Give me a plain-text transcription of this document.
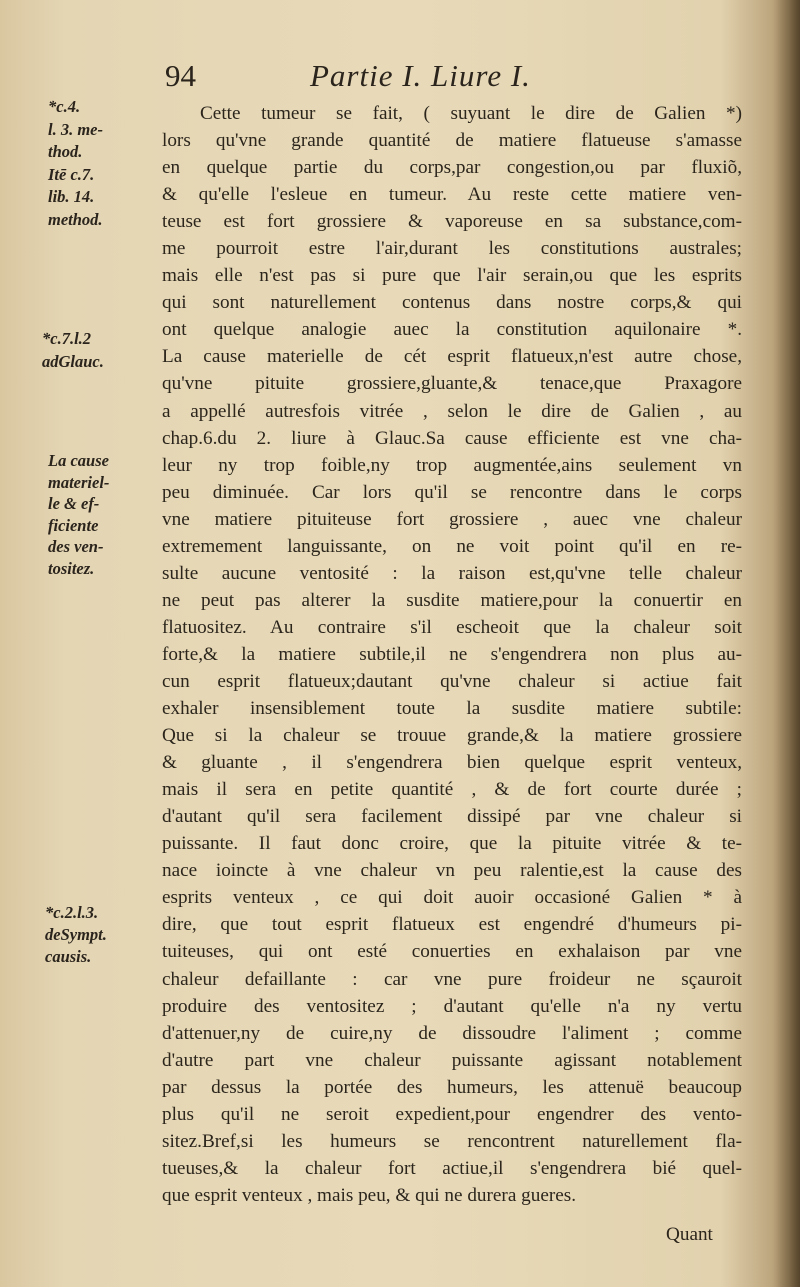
94	Partie I. Liure I.
*c.4.
l. 3. me-
thod.
Itē c.7.
lib. 14.
method.
*c.7.l.2
adGlauc.
La cause
materiel-
le & ef-
ficiente
des ven-
tositez.
*c.2.l.3.
deSympt.
causis.
Cette tumeur se fait, ( suyuant le dire de Galien *)
lors qu'vne grande quantité de matiere flatueuse s'amasse
en quelque partie du corps,par congestion,ou par fluxiõ,
& qu'elle l'esleue en tumeur. Au reste cette matiere ven-
teuse est fort grossiere & vaporeuse en sa substance,com-
me pourroit estre l'air,durant les constitutions australes;
mais elle n'est pas si pure que l'air serain,ou que les esprits
qui sont naturellement contenus dans nostre corps,& qui
ont quelque analogie auec la constitution aquilonaire *.
La cause materielle de cét esprit flatueux,n'est autre chose,
qu'vne pituite grossiere,gluante,& tenace,que Praxagore
a appellé autresfois vitrée , selon le dire de Galien , au
chap.6.du 2. liure à Glauc.Sa cause efficiente est vne cha-
leur ny trop foible,ny trop augmentée,ains seulement vn
peu diminuée. Car lors qu'il se rencontre dans le corps
vne matiere pituiteuse fort grossiere , auec vne chaleur
extremement languissante, on ne voit point qu'il en re-
sulte aucune ventosité : la raison est,qu'vne telle chaleur
ne peut pas alterer la susdite matiere,pour la conuertir en
flatuositez. Au contraire s'il escheoit que la chaleur soit
forte,& la matiere subtile,il ne s'engendrera non plus au-
cun esprit flatueux;dautant qu'vne chaleur si actiue fait
exhaler insensiblement toute la susdite matiere subtile:
Que si la chaleur se trouue grande,& la matiere grossiere
& gluante , il s'engendrera bien quelque esprit venteux,
mais il sera en petite quantité , & de fort courte durée ;
d'autant qu'il sera facilement dissipé par vne chaleur si
puissante. Il faut donc croire, que la pituite vitrée & te-
nace ioincte à vne chaleur vn peu ralentie,est la cause des
esprits venteux , ce qui doit auoir occasioné Galien * à
dire, que tout esprit flatueux est engendré d'humeurs pi-
tuiteuses, qui ont esté conuerties en exhalaison par vne
chaleur defaillante : car vne pure froideur ne sçauroit
produire des ventositez ; d'autant qu'elle n'a ny vertu
d'attenuer,ny de cuire,ny de dissoudre l'aliment ; comme
d'autre part vne chaleur puissante agissant notablement
par dessus la portée des humeurs, les attenuë beaucoup
plus qu'il ne seroit expedient,pour engendrer des vento-
sitez.Bref,si les humeurs se rencontrent naturellement fla-
tueuses,& la chaleur fort actiue,il s'engendrera bié quel-
que esprit venteux , mais peu, & qui ne durera gueres.
Quant
